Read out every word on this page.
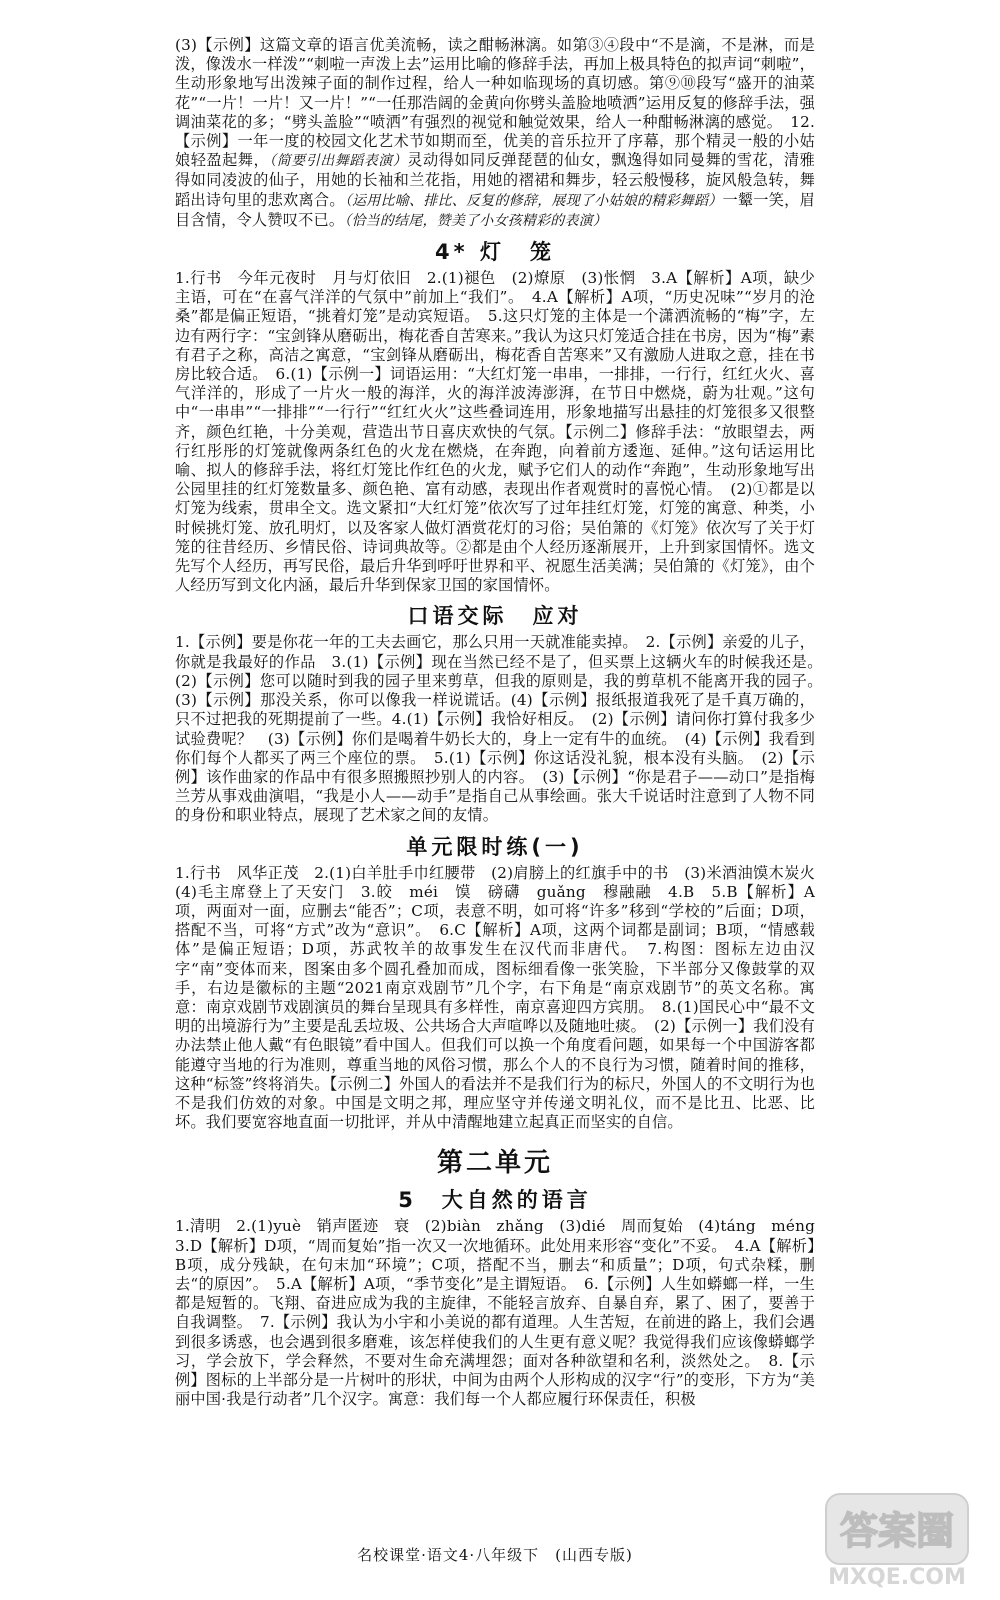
(3)【示例】这篇文章的语言优美流畅，读之酣畅淋漓。如第③④段中“不是滴，不是淋，而是泼，像泼水一样泼”“刺啦一声泼上去”运用比喻的修辞手法，再加上极具特色的拟声词“刺啦”，生动形象地写出泼辣子面的制作过程，给人一种如临现场的真切感。第⑨⑩段写“盛开的油菜花”“一片！一片！又一片！”“一任那浩阔的金黄向你劈头盖脸地喷洒”运用反复的修辞手法，强调油菜花的多；“劈头盖脸”“喷洒”有强烈的视觉和触觉效果，给人一种酣畅淋漓的感觉。　12.【示例】一年一度的校园文化艺术节如期而至，优美的音乐拉开了序幕，那个精灵一般的小姑娘轻盈起舞，（简要引出舞蹈表演）灵动得如同反弹琵琶的仙女，飘逸得如同曼舞的雪花，清雅得如同凌波的仙子，用她的长袖和兰花指，用她的褶裙和舞步，轻云般慢移，旋风般急转，舞蹈出诗句里的悲欢离合。（运用比喻、排比、反复的修辞，展现了小姑娘的精彩舞蹈）一颦一笑，眉目含情，令人赞叹不已。（恰当的结尾，赞美了小女孩精彩的表演）

4* 灯　笼

1.行书　今年元夜时　月与灯依旧　2.(1)褪色　(2)燎原　(3)怅惘　3.A【解析】A项，缺少主语，可在“在喜气洋洋的气氛中”前加上“我们”。　4.A【解析】A项，“历史况味”“岁月的沧桑”都是偏正短语，“挑着灯笼”是动宾短语。　5.这只灯笼的主体是一个潇洒流畅的“梅”字，左边有两行字：“宝剑锋从磨砺出，梅花香自苦寒来。”我认为这只灯笼适合挂在书房，因为“梅”素有君子之称，高洁之寓意，“宝剑锋从磨砺出，梅花香自苦寒来”又有激励人进取之意，挂在书房比较合适。　6.(1)【示例一】词语运用：“大红灯笼一串串，一排排，一行行，红红火火、喜气洋洋的，形成了一片火一般的海洋，火的海洋波涛澎湃，在节日中燃烧，蔚为壮观。”这句中“一串串”“一排排”“一行行”“红红火火”这些叠词连用，形象地描写出悬挂的灯笼很多又很整齐，颜色红艳，十分美观，营造出节日喜庆欢快的气氛。【示例二】修辞手法：“放眼望去，两行红彤彤的灯笼就像两条红色的火龙在燃烧，在奔跑，向着前方逶迤、延伸。”这句话运用比喻、拟人的修辞手法，将红灯笼比作红色的火龙，赋予它们人的动作“奔跑”，生动形象地写出公园里挂的红灯笼数量多、颜色艳、富有动感，表现出作者观赏时的喜悦心情。　(2)①都是以灯笼为线索，贯串全文。选文紧扣“大红灯笼”依次写了过年挂红灯笼，灯笼的寓意、种类，小时候挑灯笼、放孔明灯，以及客家人做灯酒赏花灯的习俗；吴伯箫的《灯笼》依次写了关于灯笼的往昔经历、乡情民俗、诗词典故等。②都是由个人经历逐渐展开，上升到家国情怀。选文先写个人经历，再写民俗，最后升华到呼吁世界和平、祝愿生活美满；吴伯箫的《灯笼》，由个人经历写到文化内涵，最后升华到保家卫国的家国情怀。

口语交际　应对

1.【示例】要是你花一年的工夫去画它，那么只用一天就准能卖掉。　2.【示例】亲爱的儿子，你就是我最好的作品　3.(1)【示例】现在当然已经不是了，但买票上这辆火车的时候我还是。　(2)【示例】您可以随时到我的园子里来剪草，但我的原则是，我的剪草机不能离开我的园子。　(3)【示例】那没关系，你可以像我一样说谎话。(4)【示例】报纸报道我死了是千真万确的，只不过把我的死期提前了一些。4.(1)【示例】我恰好相反。　(2)【示例】请问你打算付我多少试验费呢？　(3)【示例】你们是喝着牛奶长大的，身上一定有牛的血统。　(4)【示例】我看到你们每个人都买了两三个座位的票。　5.(1)【示例】你这话没礼貌，根本没有头脑。　(2)【示例】该作曲家的作品中有很多照搬照抄别人的内容。　(3)【示例】“你是君子——动口”是指梅兰芳从事戏曲演唱，“我是小人——动手”是指自己从事绘画。张大千说话时注意到了人物不同的身份和职业特点，展现了艺术家之间的友情。

单元限时练(一)

1.行书　风华正茂　2.(1)白羊肚手巾红腰带　(2)肩膀上的红旗手中的书　(3)米酒油馍木炭火　(4)毛主席登上了天安门　3.皎　méi　馍　磅礴　guǎng　穆融融　4.B　5.B【解析】A项，两面对一面，应删去“能否”；C项，表意不明，如可将“许多”移到“学校的”后面；D项，搭配不当，可将“方式”改为“意识”。　6.C【解析】A项，这两个词都是副词；B项，“情感载体”是偏正短语；D项，苏武牧羊的故事发生在汉代而非唐代。　7.构图：图标左边由汉字“南”变体而来，图案由多个圆孔叠加而成，图标细看像一张笑脸，下半部分又像鼓掌的双手，右边是徽标的主题“2021南京戏剧节”几个字，右下角是“南京戏剧节”的英文名称。寓意：南京戏剧节戏剧演员的舞台呈现具有多样性，南京喜迎四方宾朋。　8.(1)国民心中“最不文明的出境游行为”主要是乱丢垃圾、公共场合大声喧哗以及随地吐痰。　(2)【示例一】我们没有办法禁止他人戴“有色眼镜”看中国人。但我们可以换一个角度看问题，如果每一个中国游客都能遵守当地的行为准则，尊重当地的风俗习惯，那么个人的不良行为习惯，随着时间的推移，这种“标签”终将消失。【示例二】外国人的看法并不是我们行为的标尺，外国人的不文明行为也不是我们仿效的对象。中国是文明之邦，理应坚守并传递文明礼仪，而不是比丑、比恶、比坏。我们要宽容地直面一切批评，并从中清醒地建立起真正而坚实的自信。

第二单元
5　大自然的语言

1.清明　2.(1)yuè　销声匿迹　衰　(2)biàn　zhǎng　(3)dié　周而复始　(4)táng　méng　3.D【解析】D项，“周而复始”指一次又一次地循环。此处用来形容“变化”不妥。　4.A【解析】B项，成分残缺，在句末加“环境”；C项，搭配不当，删去“和质量”；D项，句式杂糅，删去“的原因”。　5.A【解析】A项，“季节变化”是主谓短语。　6.【示例】人生如蟒螂一样，一生都是短暂的。飞翔、奋进应成为我的主旋律，不能轻言放弃、自暴自弃，累了、困了，要善于自我调整。　7.【示例】我认为小宇和小美说的都有道理。人生苦短，在前进的路上，我们会遇到很多诱惑，也会遇到很多磨难，该怎样使我们的人生更有意义呢？我觉得我们应该像蟒螂学习，学会放下，学会释然，不要对生命充满埋怨；面对各种欲望和名利，淡然处之。　8.【示例】图标的上半部分是一片树叶的形状，中间为由两个人形构成的汉字“行”的变形，下方为“美丽中国·我是行动者”几个汉字。寓意：我们每一个人都应履行环保责任，积极

名校课堂·语文4·八年级下　(山西专版)
答案圈
MXQE.COM
